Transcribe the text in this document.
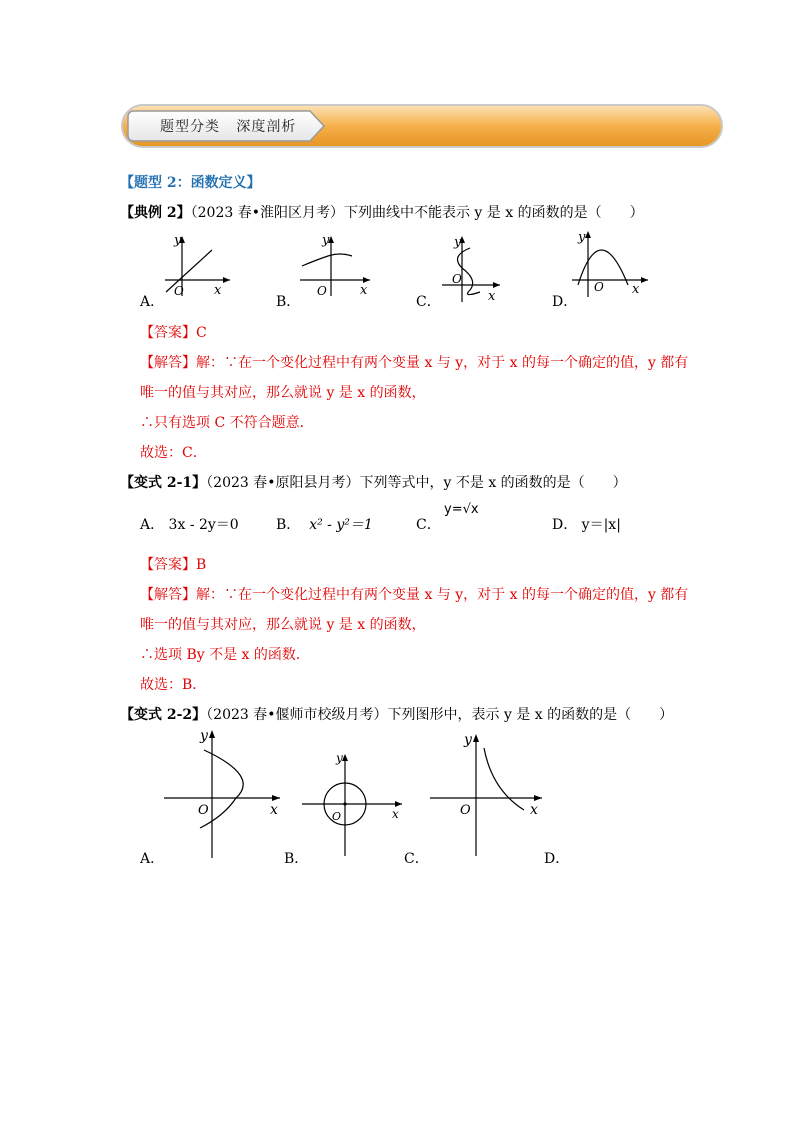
题型分类 深度剖析
【题型 2：函数定义】
【典例 2】（2023 春•淮阳区月考）下列曲线中不能表示 y 是 x 的函数的是（　　）
y
x
O
y
x
O
y
x
O
y
x
O
A．	B．	C．	D．
【答案】C
【解答】解：∵在一个变化过程中有两个变量 x 与 y，对于 x 的每一个确定的值，y 都有
唯一的值与其对应，那么就说 y 是 x 的函数，
∴只有选项 C 不符合题意．
故选：C．
【变式 2-1】（2023 春•原阳县月考）下列等式中，y 不是 x 的函数的是（　　）
A． 3x - 2y＝0	B． x² - y²＝1	C．
y=√x
D． y＝|x|
【答案】B
【解答】解：∵在一个变化过程中有两个变量 x 与 y，对于 x 的每一个确定的值，y 都有
唯一的值与其对应，那么就说 y 是 x 的函数，
∴选项 By 不是 x 的函数．
故选：B．
【变式 2-2】（2023 春•偃师市校级月考）下列图形中，表示 y 是 x 的函数的是（　　）
y
x
O
y
x
O
y
x
O
A．	B．	C．	D．
